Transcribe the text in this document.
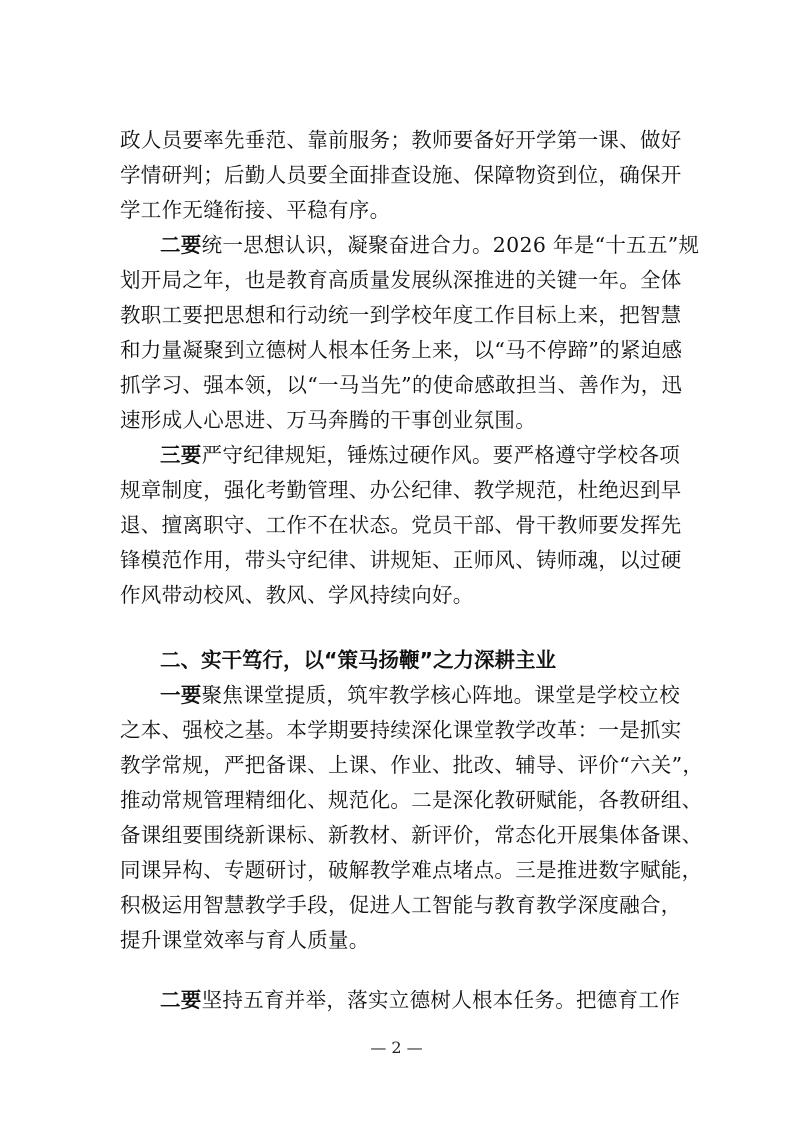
政人员要率先垂范、靠前服务；教师要备好开学第一课、做好
学情研判；后勤人员要全面排查设施、保障物资到位，确保开
学工作无缝衔接、平稳有序。
二要统一思想认识，凝聚奋进合力。2026 年是“十五五”规
划开局之年，也是教育高质量发展纵深推进的关键一年。全体
教职工要把思想和行动统一到学校年度工作目标上来，把智慧
和力量凝聚到立德树人根本任务上来，以“马不停蹄”的紧迫感
抓学习、强本领，以“一马当先”的使命感敢担当、善作为，迅
速形成人心思进、万马奔腾的干事创业氛围。
三要严守纪律规矩，锤炼过硬作风。要严格遵守学校各项
规章制度，强化考勤管理、办公纪律、教学规范，杜绝迟到早
退、擅离职守、工作不在状态。党员干部、骨干教师要发挥先
锋模范作用，带头守纪律、讲规矩、正师风、铸师魂，以过硬
作风带动校风、教风、学风持续向好。
二、实干笃行，以“策马扬鞭”之力深耕主业
一要聚焦课堂提质，筑牢教学核心阵地。课堂是学校立校
之本、强校之基。本学期要持续深化课堂教学改革：一是抓实
教学常规，严把备课、上课、作业、批改、辅导、评价“六关”，
推动常规管理精细化、规范化。二是深化教研赋能，各教研组、
备课组要围绕新课标、新教材、新评价，常态化开展集体备课、
同课异构、专题研讨，破解教学难点堵点。三是推进数字赋能，
积极运用智慧教学手段，促进人工智能与教育教学深度融合，
提升课堂效率与育人质量。
二要坚持五育并举，落实立德树人根本任务。把德育工作
— 2 —
